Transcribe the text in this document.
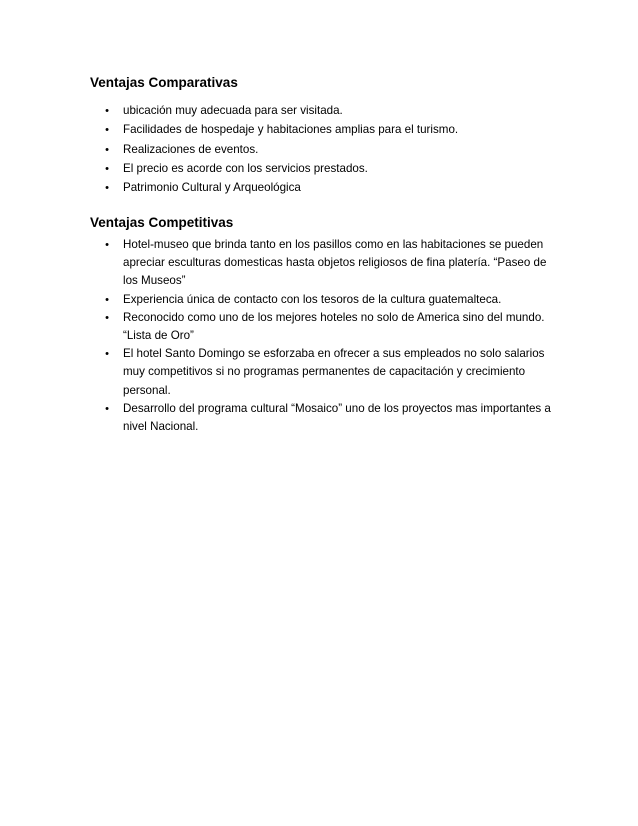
Ventajas Comparativas
• ubicación muy adecuada para ser visitada.
• Facilidades de hospedaje y habitaciones amplias para el turismo.
• Realizaciones de eventos.
• El precio es acorde con los servicios prestados.
• Patrimonio Cultural y Arqueológica
Ventajas Competitivas
• Hotel-museo que brinda tanto en los pasillos como en las habitaciones se pueden apreciar esculturas domesticas hasta objetos religiosos de fina platería. “Paseo de los Museos”
• Experiencia única de contacto con los tesoros de la cultura guatemalteca.
• Reconocido como uno de los mejores hoteles no solo de America sino del mundo. “Lista de Oro”
• El hotel Santo Domingo se esforzaba en ofrecer a sus empleados no solo salarios muy competitivos si no programas permanentes de capacitación y crecimiento personal.
• Desarrollo del programa cultural “Mosaico” uno de los proyectos mas importantes a nivel Nacional.
